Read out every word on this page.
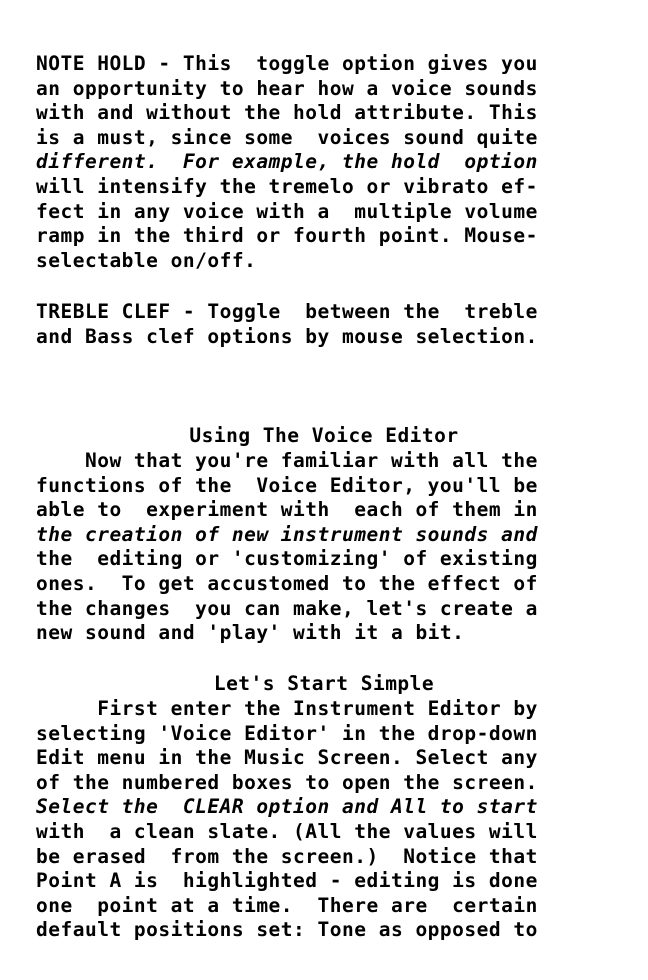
NOTE HOLD - This  toggle option gives you
an opportunity to hear how a voice sounds
with and without the hold attribute. This
is a must, since some  voices sound quite
different.  For example, the hold  option
will intensify the tremelo or vibrato ef-
fect in any voice with a  multiple volume
ramp in the third or fourth point. Mouse-
selectable on/off.
TREBLE CLEF - Toggle  between the  treble
and Bass clef options by mouse selection.
Using The Voice Editor
Now that you're familiar with all the
functions of the  Voice Editor, you'll be
able to  experiment with  each of them in
the creation of new instrument sounds and
the  editing or 'customizing' of existing
ones.  To get accustomed to the effect of
the changes  you can make, let's create a
new sound and 'play' with it a bit.
Let's Start Simple
First enter the Instrument Editor by
selecting 'Voice Editor' in the drop-down
Edit menu in the Music Screen. Select any
of the numbered boxes to open the screen.
Select the  CLEAR option and All to start
with  a clean slate. (All the values will
be erased  from the screen.)  Notice that
Point A is  highlighted - editing is done
one  point at a time.  There are  certain
default positions set: Tone as opposed to
